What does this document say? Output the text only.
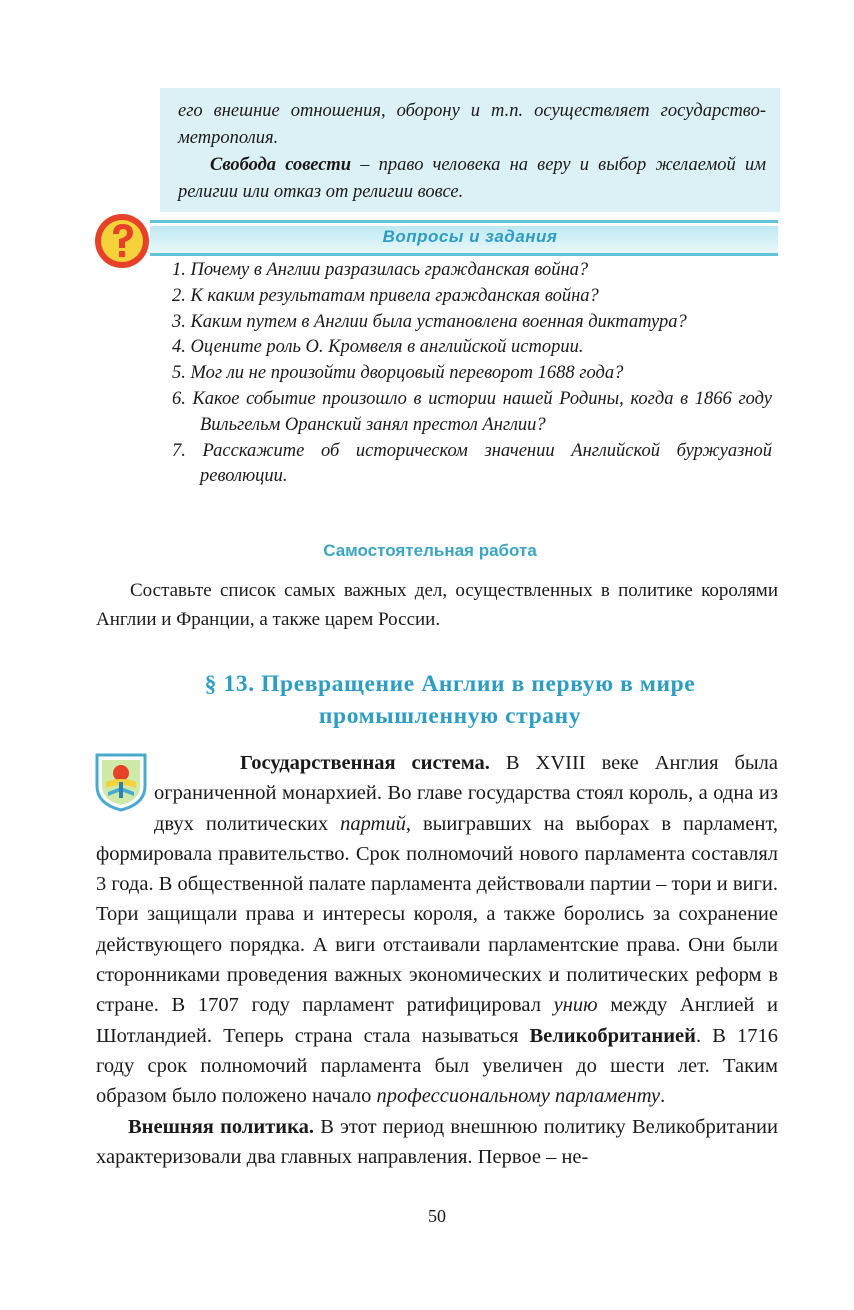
его внешние отношения, оборону и т.п. осуществляет государство-метрополия.

Свобода совести – право человека на веру и выбор желаемой им религии или отказ от религии вовсе.

Вопросы и задания
1. Почему в Англии разразилась гражданская война?
2. К каким результатам привела гражданская война?
3. Каким путем в Англии была установлена военная диктатура?
4. Оцените роль О. Кромвеля в английской истории.
5. Мог ли не произойти дворцовый переворот 1688 года?
6. Какое событие произошло в истории нашей Родины, когда в 1866 году Вильгельм Оранский занял престол Англии?
7. Расскажите об историческом значении Английской буржуазной революции.
Самостоятельная работа

Составьте список самых важных дел, осуществленных в политике королями Англии и Франции, а также царем России.

§ 13. Превращение Англии в первую в мире
промышленную страну

Государственная система. В XVIII веке Англия была ограниченной монархией. Во главе государства стоял король, а одна из двух политических партий, выигравших на выборах в парламент, формировала правительство. Срок полномочий нового парламента составлял 3 года. В общественной палате парламента действовали партии – тори и виги. Тори защищали права и интересы короля, а также боролись за сохранение действующего порядка. А виги отстаивали парламентские права. Они были сторонниками проведения важных экономических и политических реформ в стране. В 1707 году парламент ратифицировал унию между Англией и Шотландией. Теперь страна стала называться Великобританией. В 1716 году срок полномочий парламента был увеличен до шести лет. Таким образом было положено начало профессиональному парламенту.

Внешняя политика. В этот период внешнюю политику Великобритании характеризовали два главных направления. Первое – не-

50
